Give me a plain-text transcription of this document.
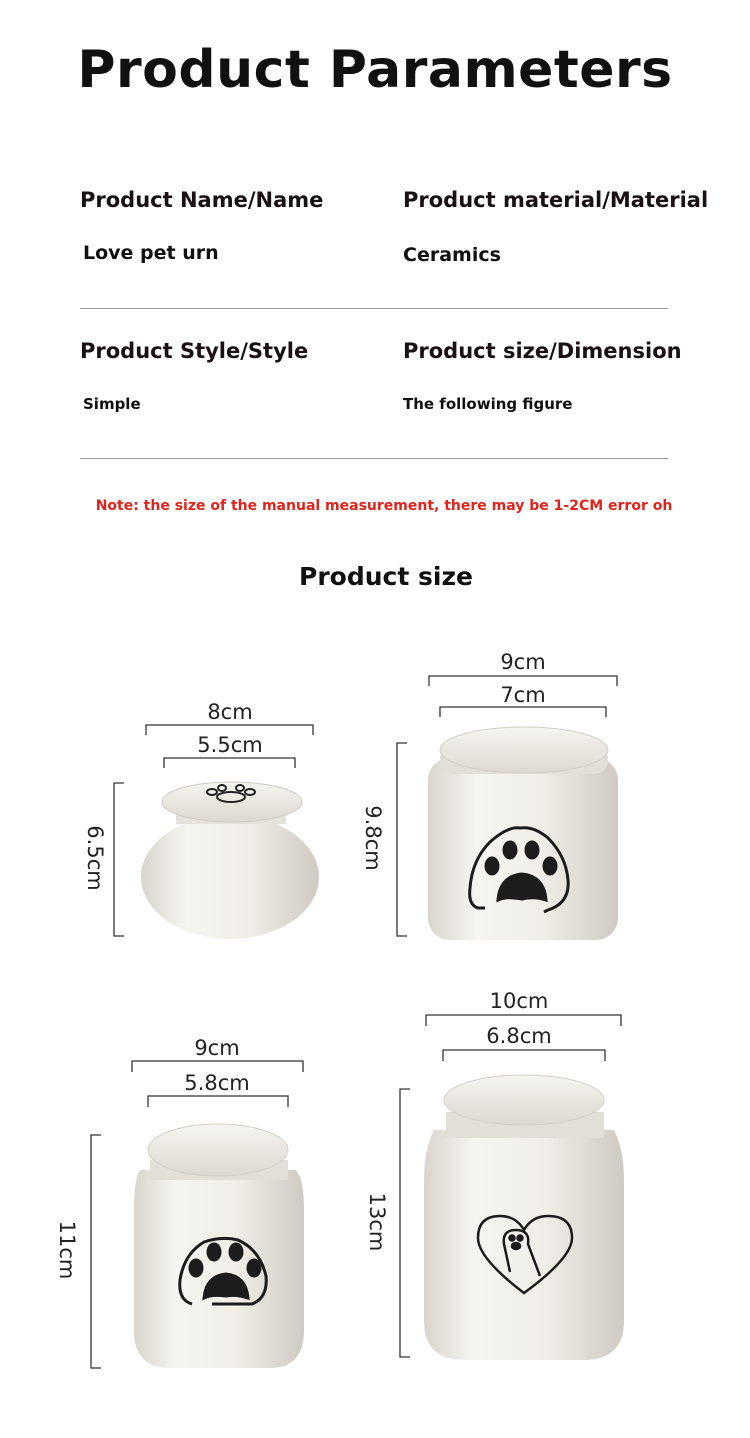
Product Parameters
Product Name/Name	Product material/Material
Love pet urn	Ceramics
Product Style/Style	Product size/Dimension
Simple	The following figure
Note: the size of the manual measurement, there may be 1-2CM error oh
Product size
8cm
5.5cm
6.5cm
9cm
7cm
9.8cm
9cm
5.8cm
11cm
10cm
6.8cm
13cm
